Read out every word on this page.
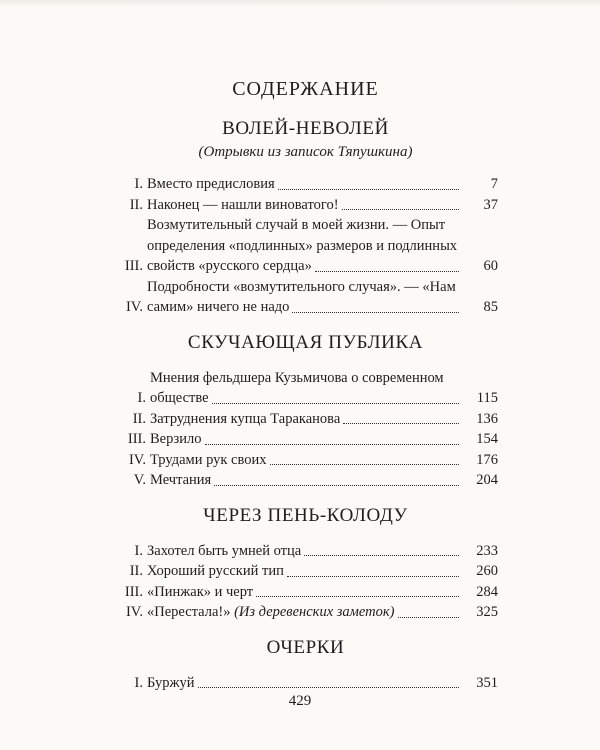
СОДЕРЖАНИЕ
ВОЛЕЙ-НЕВОЛЕЙ
(Отрывки из записок Тяпушкина)
I. Вместо предисловия	7
II. Наконец — нашли виноватого!	37
III.
Возмутительный случай в моей жизни. — Опыт
определения «подлинных» размеров и подлинных
свойств «русского сердца»	60
IV.
Подробности «возмутительного случая». — «Нам
самим» ничего не надо	85
СКУЧАЮЩАЯ ПУБЛИКА
I.
Мнения фельдшера Кузьмичова о современном
обществе	115
II. Затруднения купца Тараканова	136
III. Верзило	154
IV. Трудами рук своих	176
V. Мечтания	204
ЧЕРЕЗ ПЕНЬ-КОЛОДУ
I. Захотел быть умней отца	233
II. Хороший русский тип	260
III. «Пинжак» и черт	284
IV. «Перестала!» (Из деревенских заметок)	325
ОЧЕРКИ
I. Буржуй	351
429
